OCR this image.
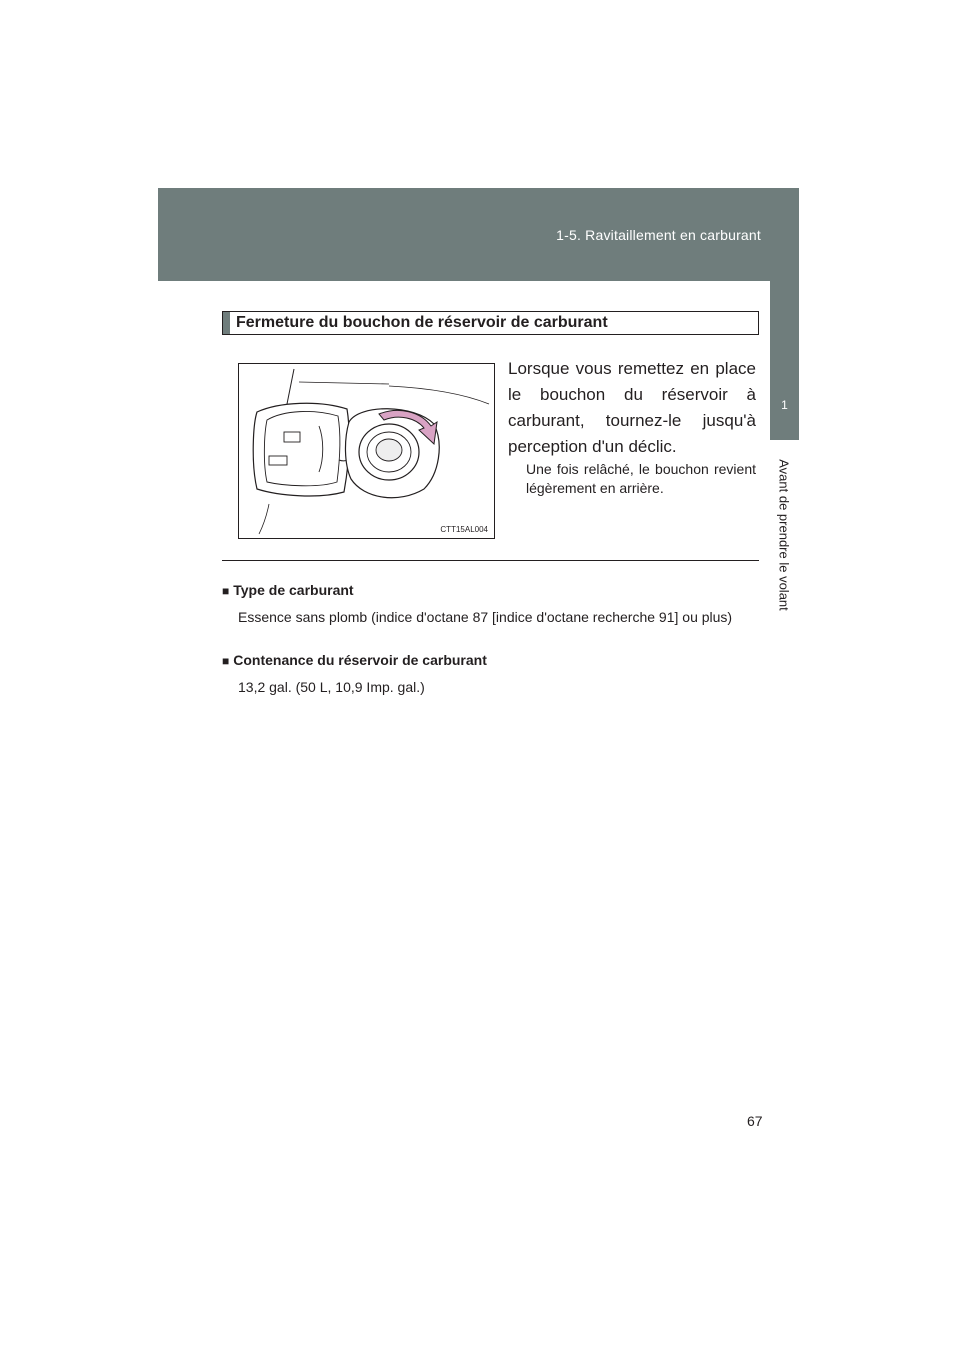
1-5. Ravitaillement en carburant
1
Avant de prendre le volant
Fermeture du bouchon de réservoir de carburant
CTT15AL004

Lorsque vous remettez en place le bouchon du réservoir à carburant, tournez-le jusqu'à perception d'un déclic.

Une fois relâché, le bouchon revient légèrement en arrière.

■ Type de carburant
Essence sans plomb (indice d'octane 87 [indice d'octane recherche 91] ou plus)
■ Contenance du réservoir de carburant
13,2 gal. (50 L, 10,9 Imp. gal.)
67
